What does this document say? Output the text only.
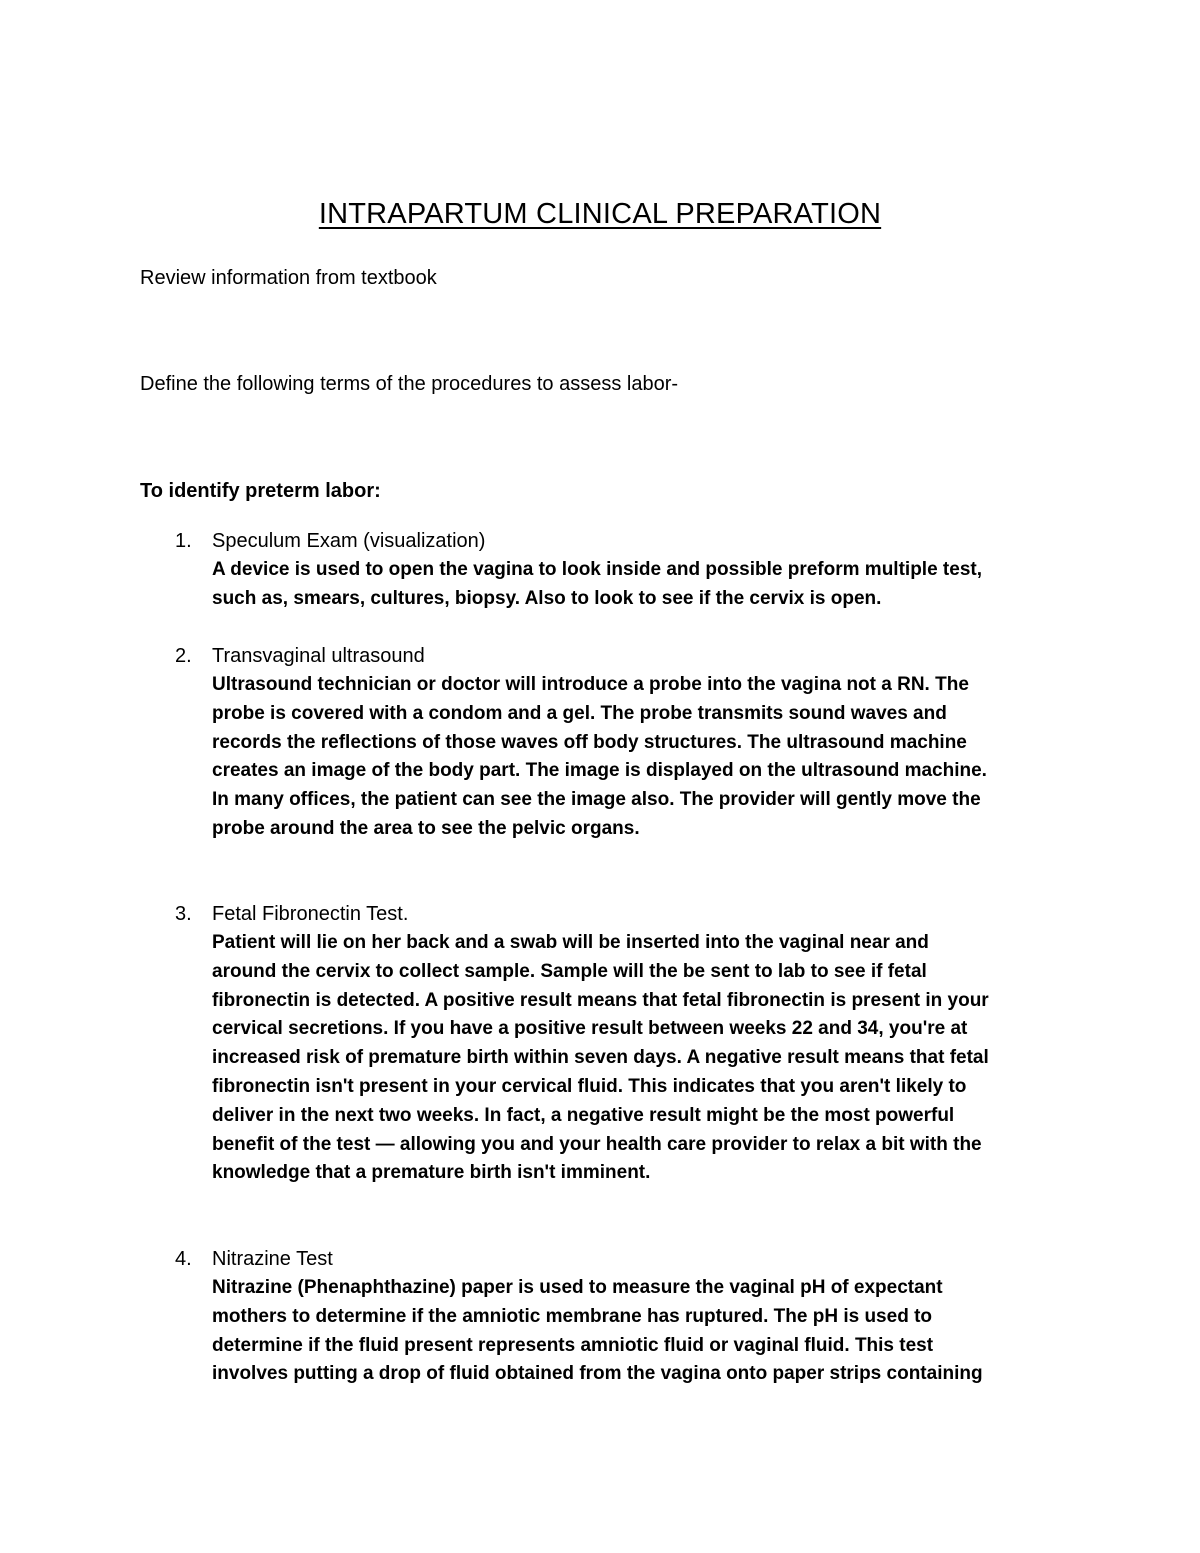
INTRAPARTUM CLINICAL PREPARATION
Review information from textbook
Define the following terms of the procedures to assess labor-
To identify preterm labor:
1. Speculum Exam (visualization)
A device is used to open the vagina to look inside and possible preform multiple test,
such as, smears, cultures, biopsy. Also to look to see if the cervix is open.
2. Transvaginal ultrasound
Ultrasound technician or doctor will introduce a probe into the vagina not a RN. The
probe is covered with a condom and a gel. The probe transmits sound waves and
records the reflections of those waves off body structures. The ultrasound machine
creates an image of the body part. The image is displayed on the ultrasound machine.
In many offices, the patient can see the image also. The provider will gently move the
probe around the area to see the pelvic organs.
3. Fetal Fibronectin Test.
Patient will lie on her back and a swab will be inserted into the vaginal near and
around the cervix to collect sample. Sample will the be sent to lab to see if fetal
fibronectin is detected. A positive result means that fetal fibronectin is present in your
cervical secretions. If you have a positive result between weeks 22 and 34, you're at
increased risk of premature birth within seven days. A negative result means that fetal
fibronectin isn't present in your cervical fluid. This indicates that you aren't likely to
deliver in the next two weeks. In fact, a negative result might be the most powerful
benefit of the test — allowing you and your health care provider to relax a bit with the
knowledge that a premature birth isn't imminent.
4. Nitrazine Test
Nitrazine (Phenaphthazine) paper is used to measure the vaginal pH of expectant
mothers to determine if the amniotic membrane has ruptured. The pH is used to
determine if the fluid present represents amniotic fluid or vaginal fluid. This test
involves putting a drop of fluid obtained from the vagina onto paper strips containing
